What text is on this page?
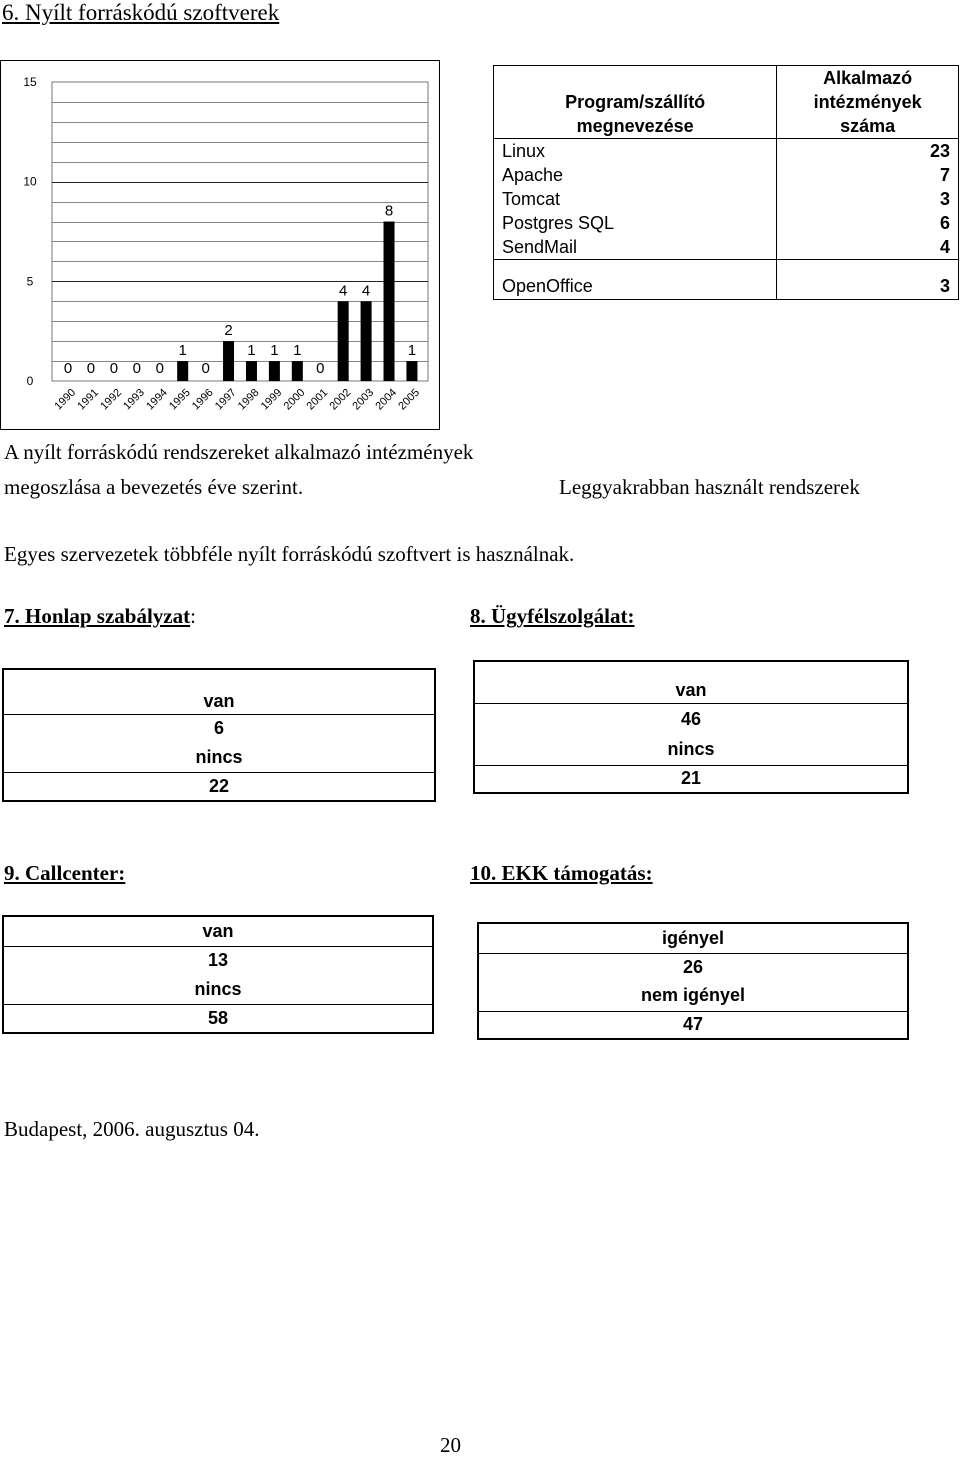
6. Nyílt forráskódú szoftverek
0
5
10
15
0
1990
0
1991
0
1992
0
1993
0
1994
1
1995
0
1996
2
1997
1
1998
1
1999
1
2000
0
2001
4
2002
4
2003
8
2004
1
2005
A nyílt forráskódú rendszereket alkalmazó intézmények
megoszlása a bevezetés éve szerint.
Program/szállító megnevezése	Alkalmazó intézmények száma
Linux	23
Apache	7
Tomcat	3
Postgres SQL	6
SendMail	4
OpenOffice	3
Leggyakrabban használt rendszerek
Egyes szervezetek többféle nyílt forráskódú szoftvert is használnak.
7. Honlap szabályzat:
van
6
nincs
22
8. Ügyfélszolgálat:
van
46
nincs
21
9. Callcenter:
van
13
nincs
58
10. EKK támogatás:
igényel
26
nem igényel
47
Budapest, 2006. augusztus 04.
20
